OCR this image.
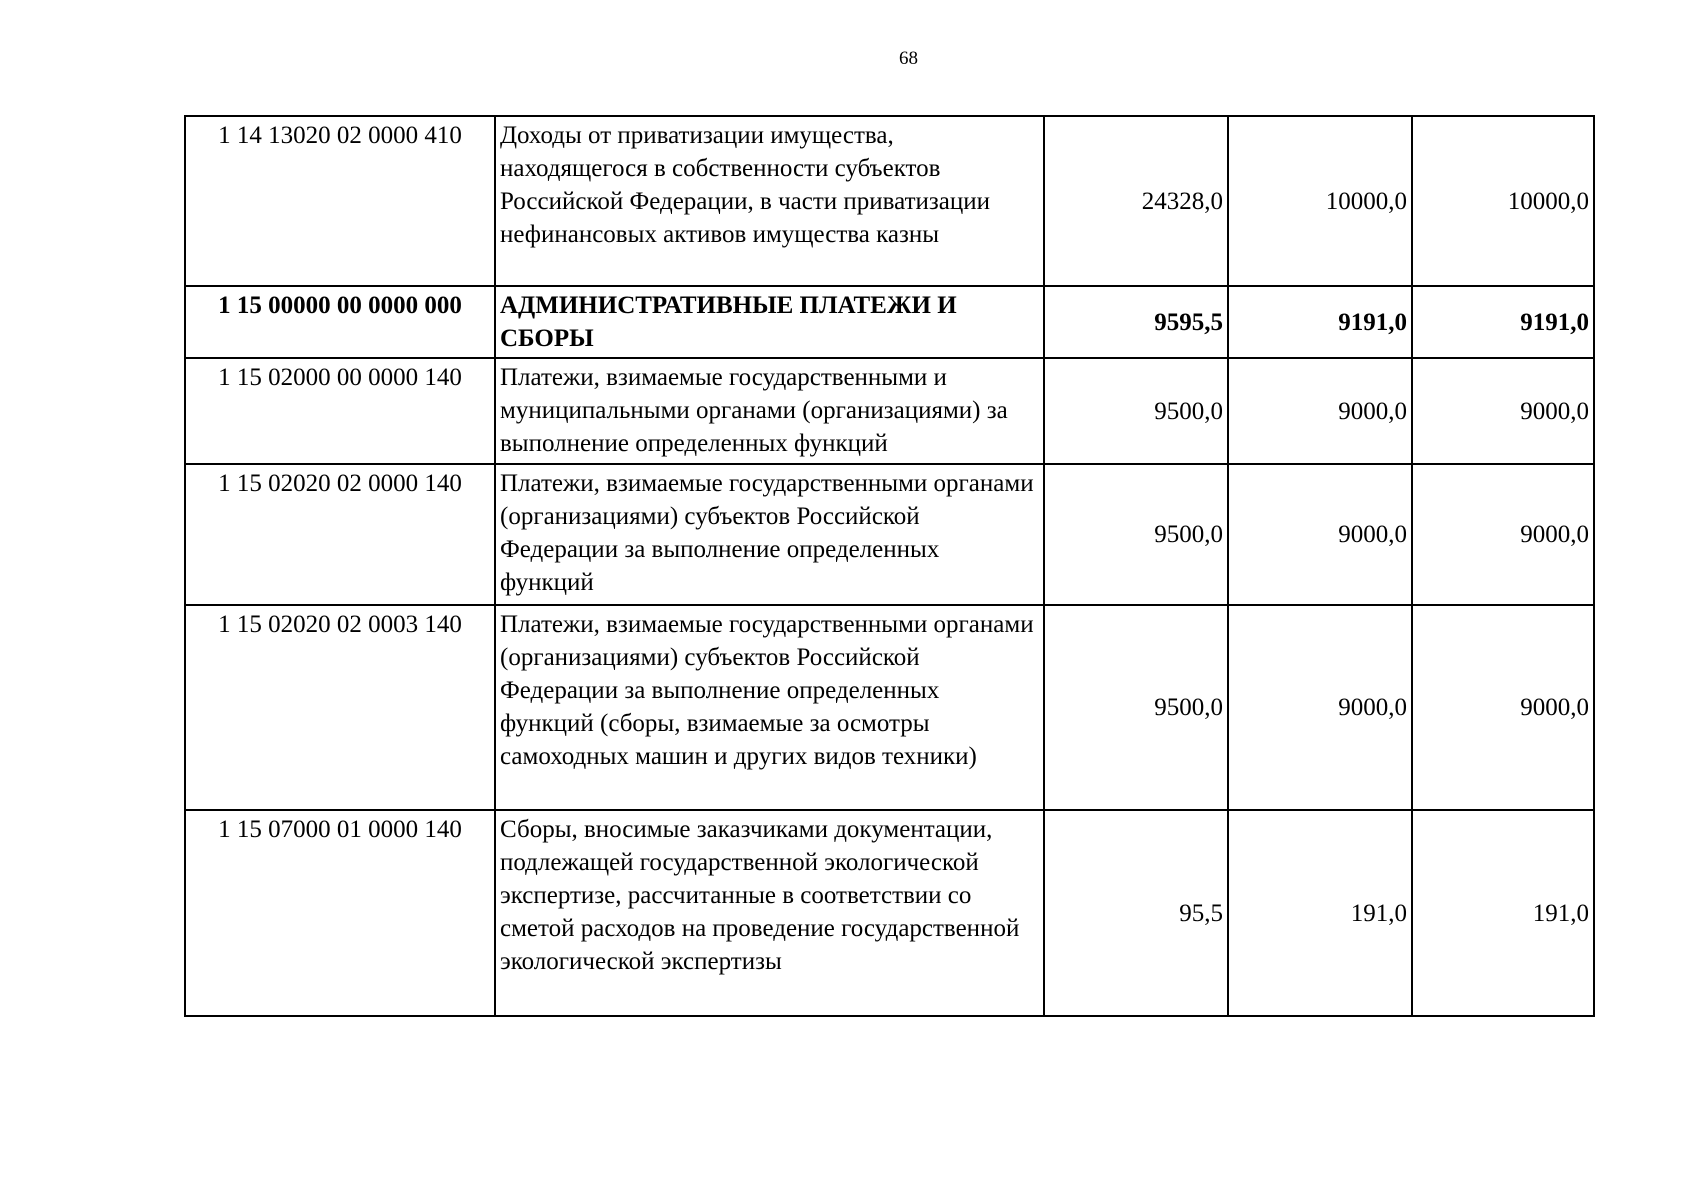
68
1 14 13020 02 0000 410	Доходы от приватизации имущества, находящегося в собственности субъектов Российской Федерации, в части приватизации нефинансовых активов имущества казны	24328,0	10000,0	10000,0
1 15 00000 00 0000 000	АДМИНИСТРАТИВНЫЕ ПЛАТЕЖИ И СБОРЫ	9595,5	9191,0	9191,0
1 15 02000 00 0000 140	Платежи, взимаемые государственными и муниципальными органами (организациями) за выполнение определенных функций	9500,0	9000,0	9000,0
1 15 02020 02 0000 140	Платежи, взимаемые государственными органами (организациями) субъектов Российской Федерации за выполнение определенных функций	9500,0	9000,0	9000,0
1 15 02020 02 0003 140	Платежи, взимаемые государственными органами (организациями) субъектов Российской Федерации за выполнение определенных функций (сборы, взимаемые за осмотры самоходных машин и других видов техники)	9500,0	9000,0	9000,0
1 15 07000 01 0000 140	Сборы, вносимые заказчиками документации, подлежащей государственной экологической экспертизе, рассчитанные в соответствии со сметой расходов на проведение государственной экологической экспертизы	95,5	191,0	191,0
